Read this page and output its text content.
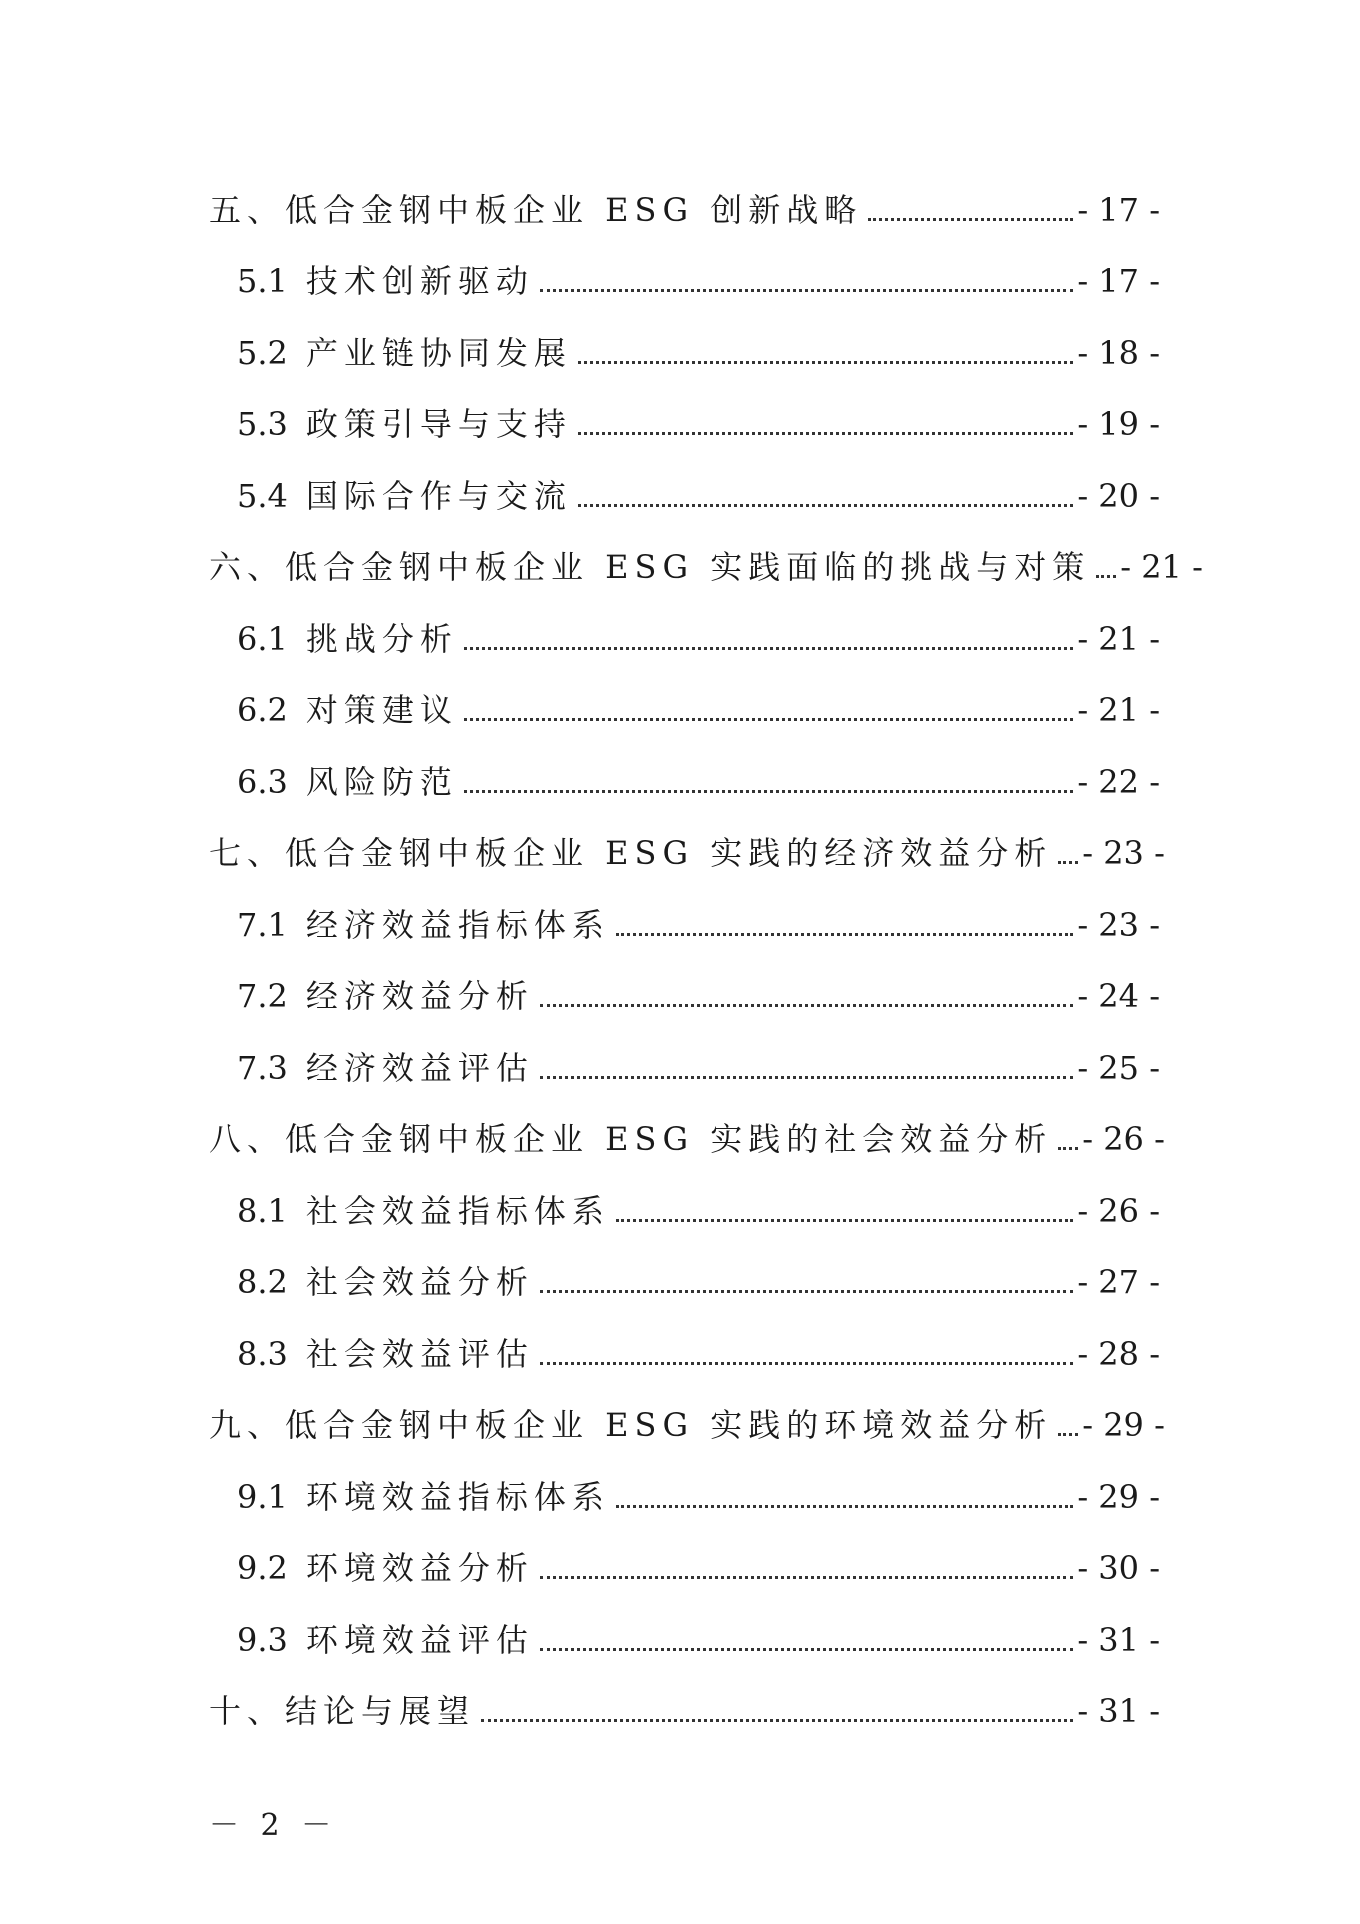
五、低合金钢中板企业 ESG 创新战略	- 17 -
5.1 技术创新驱动	- 17 -
5.2 产业链协同发展	- 18 -
5.3 政策引导与支持	- 19 -
5.4 国际合作与交流	- 20 -
六、低合金钢中板企业 ESG 实践面临的挑战与对策 - 21 -
6.1 挑战分析	- 21 -
6.2 对策建议	- 21 -
6.3 风险防范	- 22 -
七、低合金钢中板企业 ESG 实践的经济效益分析 - 23 -
7.1 经济效益指标体系	- 23 -
7.2 经济效益分析	- 24 -
7.3 经济效益评估	- 25 -
八、低合金钢中板企业 ESG 实践的社会效益分析 - 26 -
8.1 社会效益指标体系	- 26 -
8.2 社会效益分析	- 27 -
8.3 社会效益评估	- 28 -
九、低合金钢中板企业 ESG 实践的环境效益分析 - 29 -
9.1 环境效益指标体系	- 29 -
9.2 环境效益分析	- 30 -
9.3 环境效益评估	- 31 -
十、结论与展望	- 31 -
－ 2 －
